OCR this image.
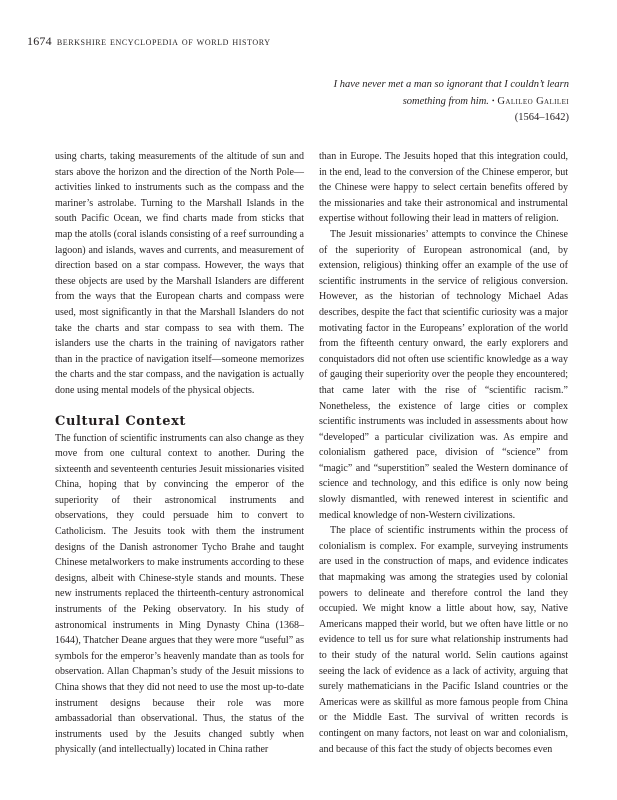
1674 berkshire encyclopedia of world history
I have never met a man so ignorant that I couldn’t learn something from him. • Galileo Galilei
(1564–1642)

using charts, taking measurements of the altitude of sun and stars above the horizon and the direction of the North Pole—activities linked to instruments such as the compass and the mariner’s astrolabe. Turning to the Marshall Islands in the south Pacific Ocean, we find charts made from sticks that map the atolls (coral islands consisting of a reef surrounding a lagoon) and islands, waves and currents, and measurement of direction based on a star compass. However, the ways that these objects are used by the Marshall Islanders are different from the ways that the European charts and compass were used, most significantly in that the Marshall Islanders do not take the charts and star compass to sea with them. The islanders use the charts in the training of navigators rather than in the practice of navigation itself—someone memorizes the charts and the star compass, and the navigation is actually done using mental models of the physical objects.

Cultural Context

The function of scientific instruments can also change as they move from one cultural context to another. During the sixteenth and seventeenth centuries Jesuit missionaries visited China, hoping that by convincing the emperor of the superiority of their astronomical instruments and observations, they could persuade him to convert to Catholicism. The Jesuits took with them the instrument designs of the Danish astronomer Tycho Brahe and taught Chinese metalworkers to make instruments according to these designs, albeit with Chinese-style stands and mounts. These new instruments replaced the thirteenth-century astronomical instruments of the Peking observatory. In his study of astronomical instruments in Ming Dynasty China (1368–1644), Thatcher Deane argues that they were more “useful” as symbols for the emperor’s heavenly mandate than as tools for observation. Allan Chapman’s study of the Jesuit missions to China shows that they did not need to use the most up-to-date instrument designs because their role was more ambassadorial than observational. Thus, the status of the instruments used by the Jesuits changed subtly when physically (and intellectually) located in China rather

than in Europe. The Jesuits hoped that this integration could, in the end, lead to the conversion of the Chinese emperor, but the Chinese were happy to select certain benefits offered by the missionaries and take their astronomical and instrumental expertise without following their lead in matters of religion.

The Jesuit missionaries’ attempts to convince the Chinese of the superiority of European astronomical (and, by extension, religious) thinking offer an example of the use of scientific instruments in the service of religious conversion. However, as the historian of technology Michael Adas describes, despite the fact that scientific curiosity was a major motivating factor in the Europeans’ exploration of the world from the fifteenth century onward, the early explorers and conquistadors did not often use scientific knowledge as a way of gauging their superiority over the people they encountered; that came later with the rise of “scientific racism.” Nonetheless, the existence of large cities or complex scientific instruments was included in assessments about how “developed” a particular civilization was. As empire and colonialism gathered pace, division of “science” from “magic” and “superstition” sealed the Western dominance of science and technology, and this edifice is only now being slowly dismantled, with renewed interest in scientific and medical knowledge of non-Western civilizations.

The place of scientific instruments within the process of colonialism is complex. For example, surveying instruments are used in the construction of maps, and evidence indicates that mapmaking was among the strategies used by colonial powers to delineate and therefore control the land they occupied. We might know a little about how, say, Native Americans mapped their world, but we often have little or no evidence to tell us for sure what relationship instruments had to their study of the natural world. Selin cautions against seeing the lack of evidence as a lack of activity, arguing that surely mathematicians in the Pacific Island countries or the Americas were as skillful as more famous people from China or the Middle East. The survival of written records is contingent on many factors, not least on war and colonialism, and because of this fact the study of objects becomes even
